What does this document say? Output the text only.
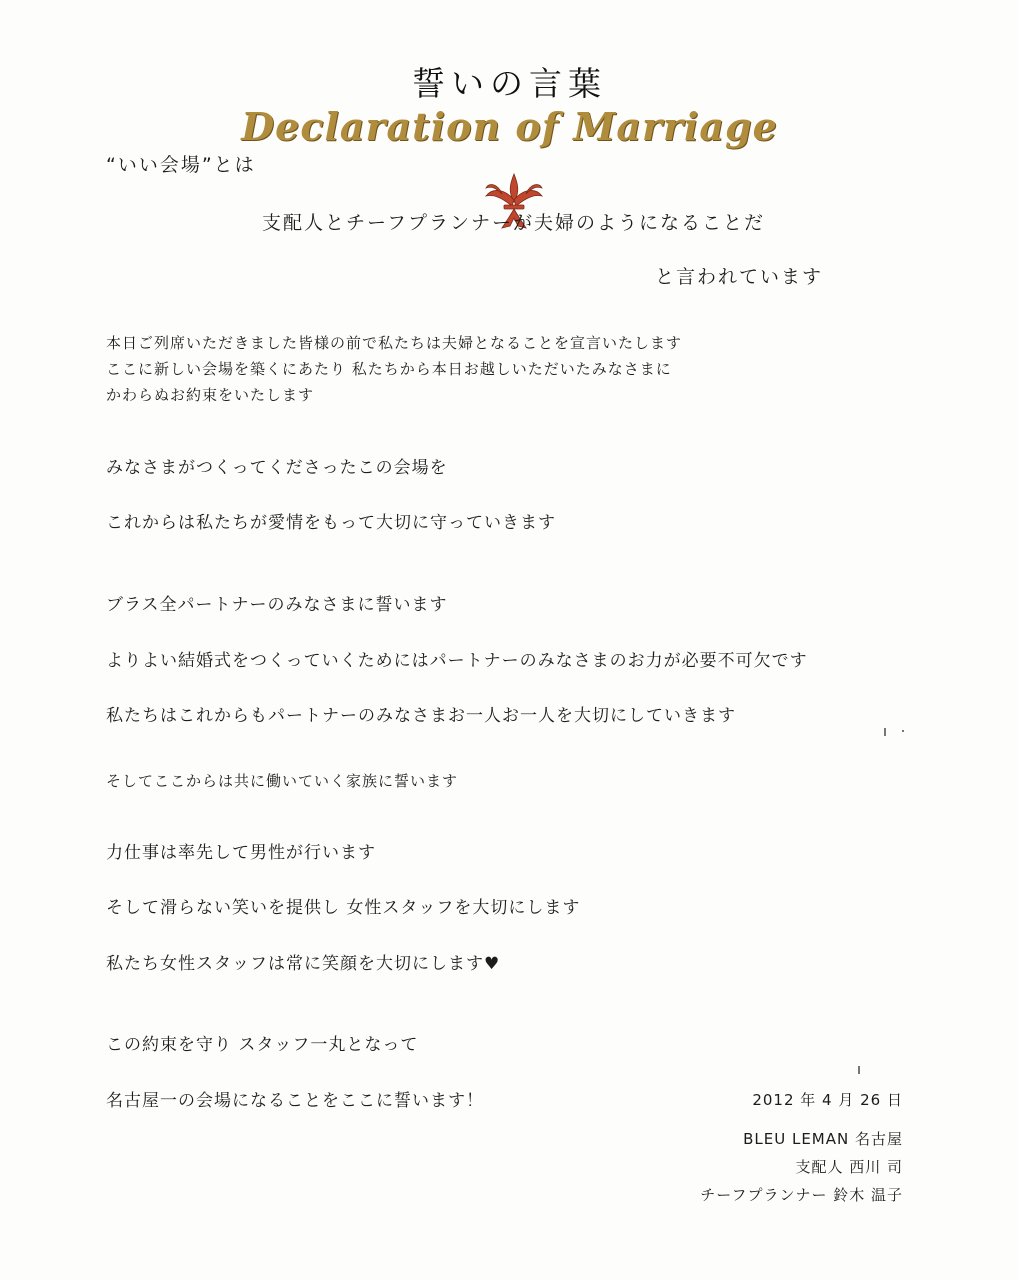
誓いの言葉
Declaration of Marriage
“いい会場”とは
支配人とチーフプランナーが夫婦のようになることだ
と言われています
本日ご列席いただきました皆様の前で私たちは夫婦となることを宣言いたします
ここに新しい会場を築くにあたり 私たちから本日お越しいただいたみなさまに
かわらぬお約束をいたします
みなさまがつくってくださったこの会場を
これからは私たちが愛情をもって大切に守っていきます
ブラス全パートナーのみなさまに誓います
よりよい結婚式をつくっていくためにはパートナーのみなさまのお力が必要不可欠です
私たちはこれからもパートナーのみなさまお一人お一人を大切にしていきます
そしてここからは共に働いていく家族に誓います
力仕事は率先して男性が行います
そして滑らない笑いを提供し 女性スタッフを大切にします
私たち女性スタッフは常に笑顔を大切にします♥
この約束を守り スタッフ一丸となって
名古屋一の会場になることをここに誓います！	2012 年 4 月 26 日
BLEU LEMAN 名古屋
支配人 西川 司
チーフプランナー 鈴木 温子
